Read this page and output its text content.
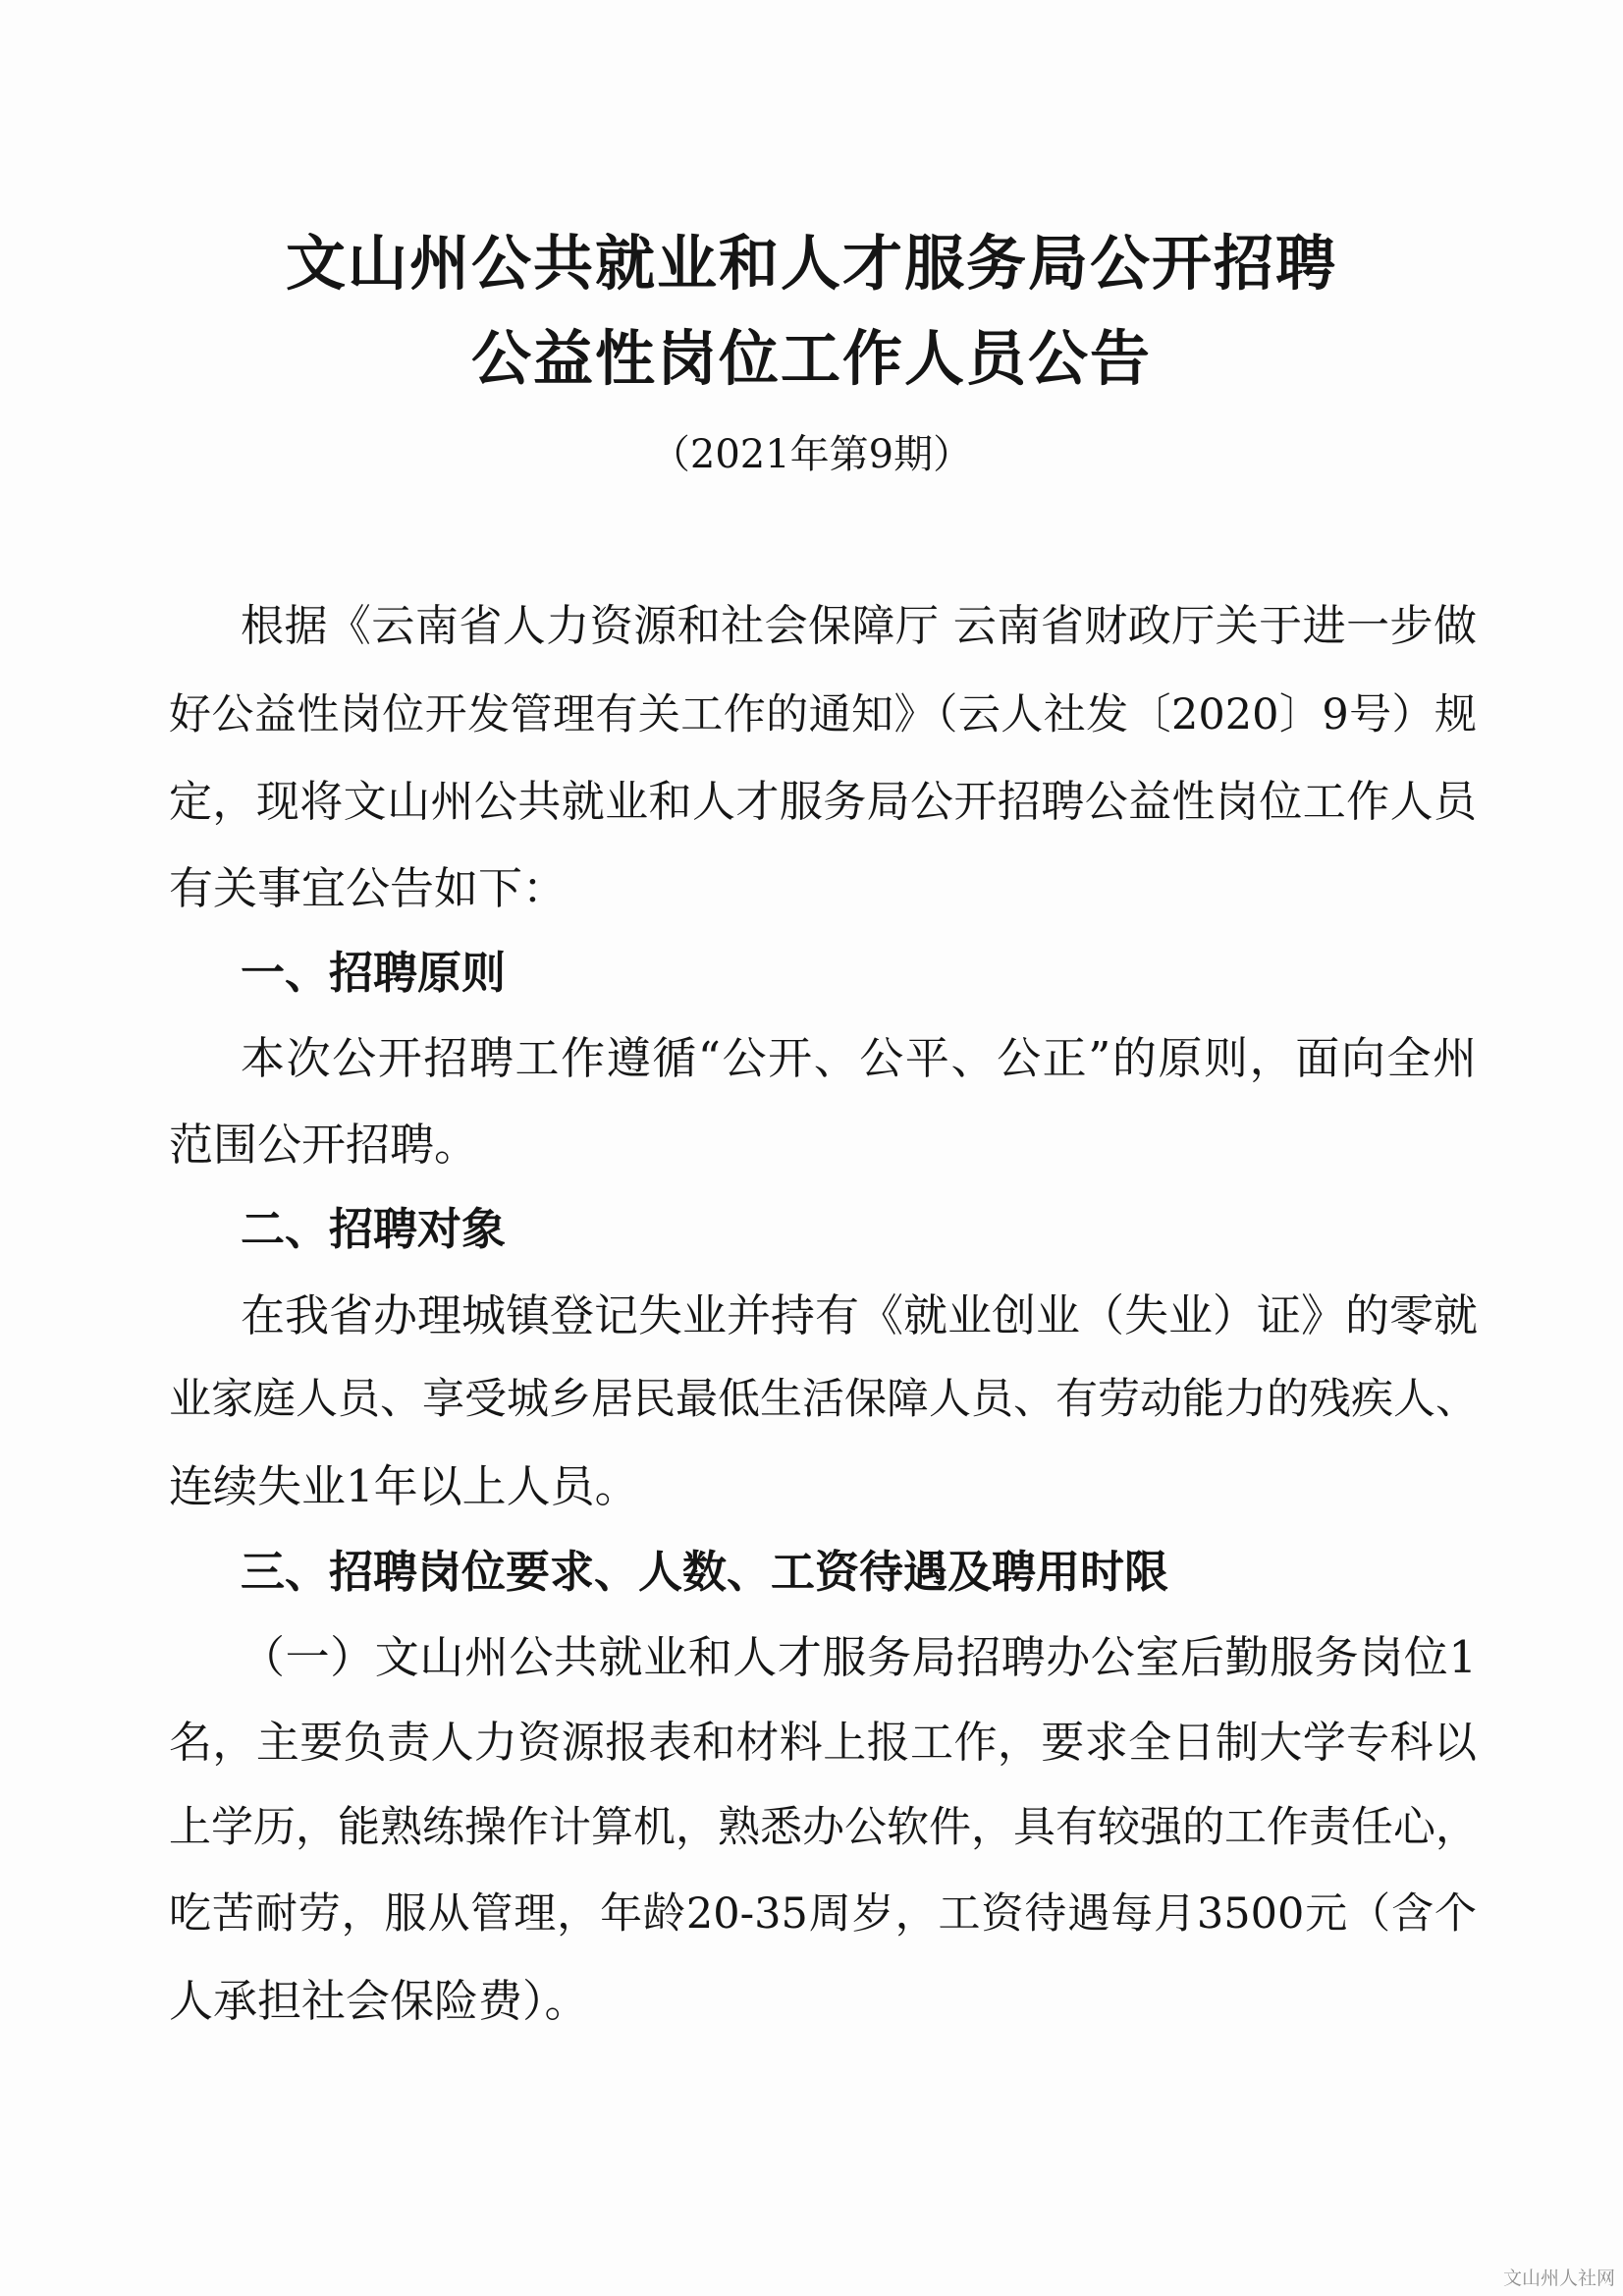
文山州公共就业和人才服务局公开招聘
公益性岗位工作人员公告
（2021年第9期）
根据《云南省人力资源和社会保障厅 云南省财政厅关于进一步做
好公益性岗位开发管理有关工作的通知》（云人社发〔2020〕9号）规
定，现将文山州公共就业和人才服务局公开招聘公益性岗位工作人员
有关事宜公告如下：
一、招聘原则
本次公开招聘工作遵循“公开、公平、公正”的原则，面向全州
范围公开招聘。
二、招聘对象
在我省办理城镇登记失业并持有《就业创业（失业）证》的零就
业家庭人员、享受城乡居民最低生活保障人员、有劳动能力的残疾人、
连续失业1年以上人员。
三、招聘岗位要求、人数、工资待遇及聘用时限
（一）文山州公共就业和人才服务局招聘办公室后勤服务岗位1
名，主要负责人力资源报表和材料上报工作，要求全日制大学专科以
上学历，能熟练操作计算机，熟悉办公软件，具有较强的工作责任心，
吃苦耐劳，服从管理，年龄20-35周岁，工资待遇每月3500元（含个
人承担社会保险费）。
文山州人社网
